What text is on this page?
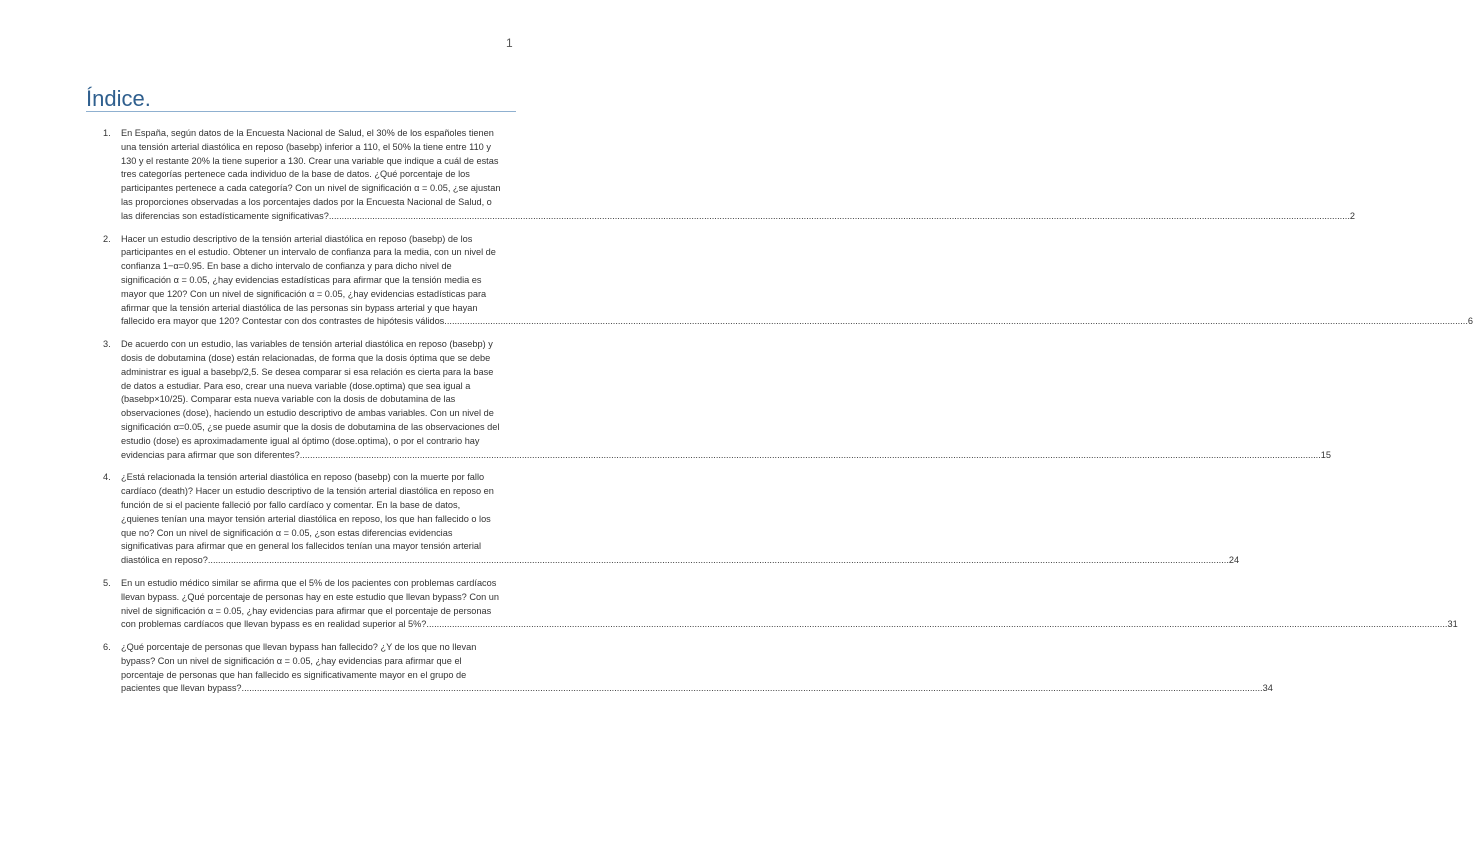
1
Índice.
1. En España, según datos de la Encuesta Nacional de Salud, el 30% de los españoles tienen
una tensión arterial diastólica en reposo (basebp) inferior a 110, el 50% la tiene entre 110 y
130 y el restante 20% la tiene superior a 130. Crear una variable que indique a cuál de estas
tres categorías pertenece cada individuo de la base de datos. ¿Qué porcentaje de los
participantes pertenece a cada categoría? Con un nivel de significación α = 0.05, ¿se ajustan
las proporciones observadas a los porcentajes dados por la Encuesta Nacional de Salud, o
las diferencias son estadísticamente significativas? ................................................................................................................................................................................................................................................................................................................................................................................................................ 2
2. Hacer un estudio descriptivo de la tensión arterial diastólica en reposo (basebp) de los
participantes en el estudio. Obtener un intervalo de confianza para la media, con un nivel de
confianza 1−α=0.95. En base a dicho intervalo de confianza y para dicho nivel de
significación α = 0.05, ¿hay evidencias estadísticas para afirmar que la tensión media es
mayor que 120? Con un nivel de significación α = 0.05, ¿hay evidencias estadísticas para
afirmar que la tensión arterial diastólica de las personas sin bypass arterial y que hayan
fallecido era mayor que 120? Contestar con dos contrastes de hipótesis válidos. ................................................................................................................................................................................................................................................................................................................................................................................................................ 6
3. De acuerdo con un estudio, las variables de tensión arterial diastólica en reposo (basebp) y
dosis de dobutamina (dose) están relacionadas, de forma que la dosis óptima que se debe
administrar es igual a basebp/2,5. Se desea comparar si esa relación es cierta para la base
de datos a estudiar. Para eso, crear una nueva variable (dose.optima) que sea igual a
(basebp×10/25). Comparar esta nueva variable con la dosis de dobutamina de las
observaciones (dose), haciendo un estudio descriptivo de ambas variables. Con un nivel de
significación α=0.05, ¿se puede asumir que la dosis de dobutamina de las observaciones del
estudio (dose) es aproximadamente igual al óptimo (dose.optima), o por el contrario hay
evidencias para afirmar que son diferentes? ................................................................................................................................................................................................................................................................................................................................................................................................................ 15
4. ¿Está relacionada la tensión arterial diastólica en reposo (basebp) con la muerte por fallo
cardíaco (death)? Hacer un estudio descriptivo de la tensión arterial diastólica en reposo en
función de si el paciente falleció por fallo cardíaco y comentar. En la base de datos,
¿quienes tenían una mayor tensión arterial diastólica en reposo, los que han fallecido o los
que no? Con un nivel de significación α = 0.05, ¿son estas diferencias evidencias
significativas para afirmar que en general los fallecidos tenían una mayor tensión arterial
diastólica en reposo? ................................................................................................................................................................................................................................................................................................................................................................................................................ 24
5. En un estudio médico similar se afirma que el 5% de los pacientes con problemas cardíacos
llevan bypass. ¿Qué porcentaje de personas hay en este estudio que llevan bypass? Con un
nivel de significación α = 0.05, ¿hay evidencias para afirmar que el porcentaje de personas
con problemas cardíacos que llevan bypass es en realidad superior al 5%? ................................................................................................................................................................................................................................................................................................................................................................................................................ 31
6. ¿Qué porcentaje de personas que llevan bypass han fallecido? ¿Y de los que no llevan
bypass? Con un nivel de significación α = 0.05, ¿hay evidencias para afirmar que el
porcentaje de personas que han fallecido es significativamente mayor en el grupo de
pacientes que llevan bypass? ................................................................................................................................................................................................................................................................................................................................................................................................................ 34
